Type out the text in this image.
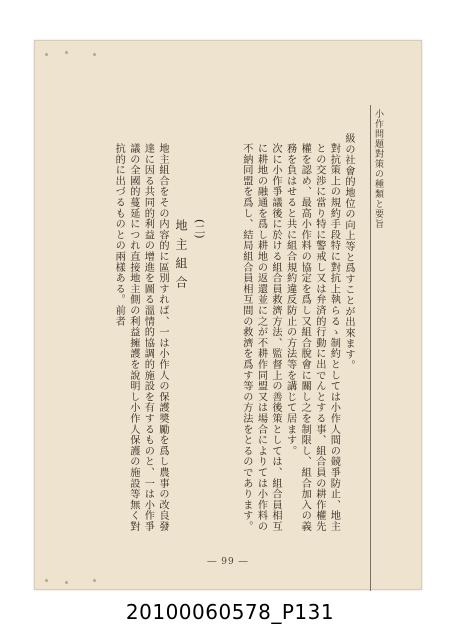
小作問題對策の種類と要旨

級の社會的地位の向上等と爲すことが出來ます。

對抗策上の規約手段特に對抗上執らるゝ制約としては小作人間の競爭防止、地主との交渉に當り特に警戒し又は弁済的行動に出でんとする事、組合員の耕作權先權を認め、最高小作料の協定を爲し又組合脫會に關し之を制限し、組合加入の義務を負はせると共に組合規約違反防止の方法等を講じて居ます。

次に小作爭議後に於ける組合員救濟方法、監督上の善後策としては、組合員相互に耕地の融通を爲し耕地の返還並に之が不耕作同盟又は場合によりては小作料の不納同盟を爲し、結局組合員相互間の救濟を爲す等の方法をとるのであります。

(二)
地主組合

地主組合をその内容的に區別すれば、一は小作人の保護奬勵を爲し農事の改良發達に因る共同的利益の增進を圖る溫情的協調的施設を有するものと、一は小作爭議の全國的蔓延につれ直接地主側の利益擁護を說明し小作人保護の施設等無く對抗的に出づるものとの兩樣ある。前者

― 99 ―
20100060578_P131
